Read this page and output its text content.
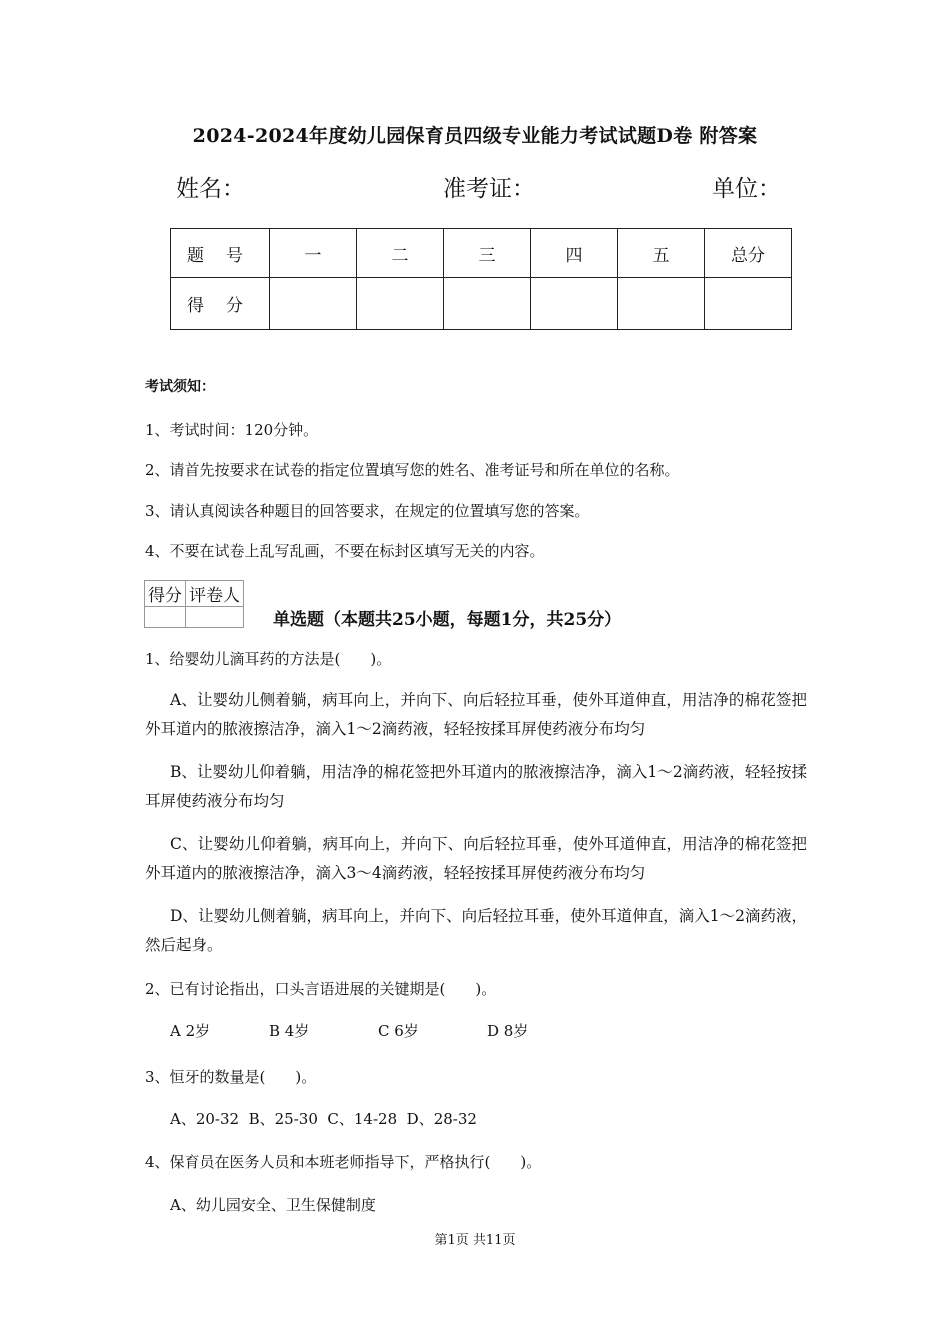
2024-2024年度幼儿园保育员四级专业能力考试试题D卷 附答案
姓名：	准考证：	单位：
题号	一	二	三	四	五	总分
得分						
考试须知：
1、考试时间：120分钟。
2、请首先按要求在试卷的指定位置填写您的姓名、准考证号和所在单位的名称。
3、请认真阅读各种题目的回答要求，在规定的位置填写您的答案。
4、不要在试卷上乱写乱画，不要在标封区填写无关的内容。
得分	评卷人

单选题（本题共25小题，每题1分，共25分）
1、给婴幼儿滴耳药的方法是(　　)。
A、让婴幼儿侧着躺，病耳向上，并向下、向后轻拉耳垂，使外耳道伸直，用洁净的棉花签把外耳道内的脓液擦洁净，滴入1～2滴药液，轻轻按揉耳屏使药液分布均匀
B、让婴幼儿仰着躺，用洁净的棉花签把外耳道内的脓液擦洁净，滴入1～2滴药液，轻轻按揉耳屏使药液分布均匀
C、让婴幼儿仰着躺，病耳向上，并向下、向后轻拉耳垂，使外耳道伸直，用洁净的棉花签把外耳道内的脓液擦洁净，滴入3～4滴药液，轻轻按揉耳屏使药液分布均匀
D、让婴幼儿侧着躺，病耳向上，并向下、向后轻拉耳垂，使外耳道伸直，滴入1～2滴药液，然后起身。
2、已有讨论指出，口头言语进展的关键期是(　　)。
A 2岁	B 4岁	C 6岁	D 8岁
3、恒牙的数量是(　　)。
A、20-32  B、25-30  C、14-28  D、28-32
4、保育员在医务人员和本班老师指导下，严格执行(　　)。
A、幼儿园安全、卫生保健制度
第1页 共11页
